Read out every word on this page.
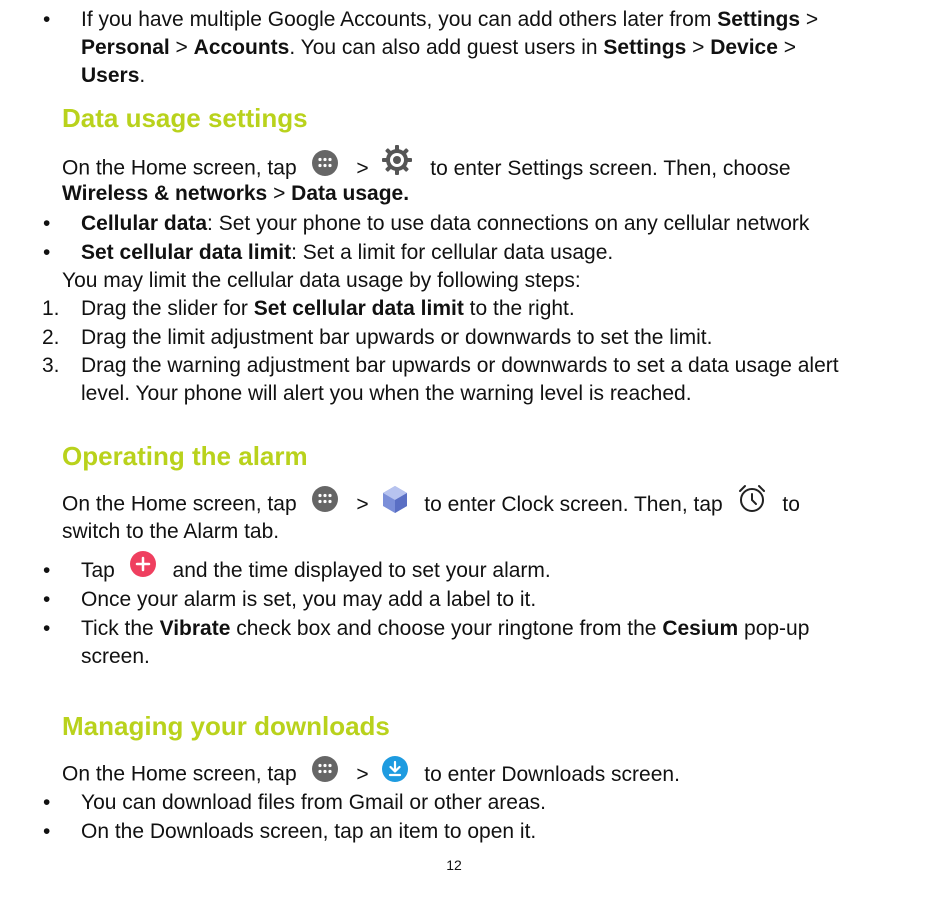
• If you have multiple Google Accounts, you can add others later from Settings >
Personal > Accounts. You can also add guest users in Settings > Device >
Users.
Data usage settings
On the Home screen, tap	>	to enter Settings screen. Then, choose
Wireless & networks > Data usage.
• Cellular data: Set your phone to use data connections on any cellular network
• Set cellular data limit: Set a limit for cellular data usage.
You may limit the cellular data usage by following steps:
1. Drag the slider for Set cellular data limit to the right.
2. Drag the limit adjustment bar upwards or downwards to set the limit.
3. Drag the warning adjustment bar upwards or downwards to set a data usage alert
level. Your phone will alert you when the warning level is reached.
Operating the alarm
On the Home screen, tap	>	to enter Clock screen. Then, tap	to
switch to the Alarm tab.
• Tap	and the time displayed to set your alarm.
• Once your alarm is set, you may add a label to it.
• Tick the Vibrate check box and choose your ringtone from the Cesium pop-up
screen.
Managing your downloads
On the Home screen, tap	>	to enter Downloads screen.
• You can download files from Gmail or other areas.
• On the Downloads screen, tap an item to open it.
12
